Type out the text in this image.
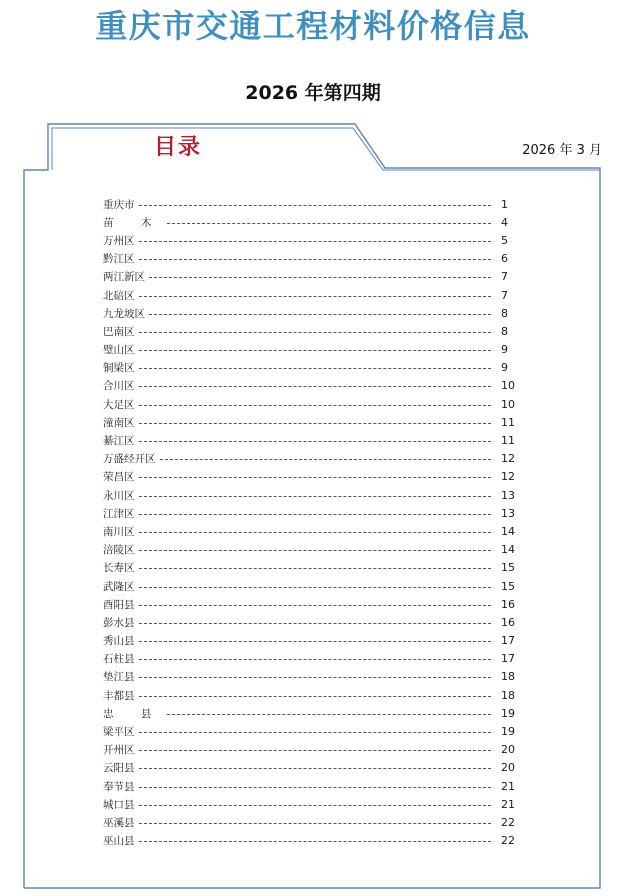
重庆市交通工程材料价格信息
2026 年第四期
目录	2026 年 3 月
重庆市	1
苗 木	4
万州区	5
黔江区	6
两江新区	7
北碚区	7
九龙坡区	8
巴南区	8
璧山区	9
铜梁区	9
合川区	10
大足区	10
潼南区	11
綦江区	11
万盛经开区	12
荣昌区	12
永川区	13
江津区	13
南川区	14
涪陵区	14
长寿区	15
武隆区	15
酉阳县	16
彭水县	16
秀山县	17
石柱县	17
垫江县	18
丰都县	18
忠 县	19
梁平区	19
开州区	20
云阳县	20
奉节县	21
城口县	21
巫溪县	22
巫山县	22
